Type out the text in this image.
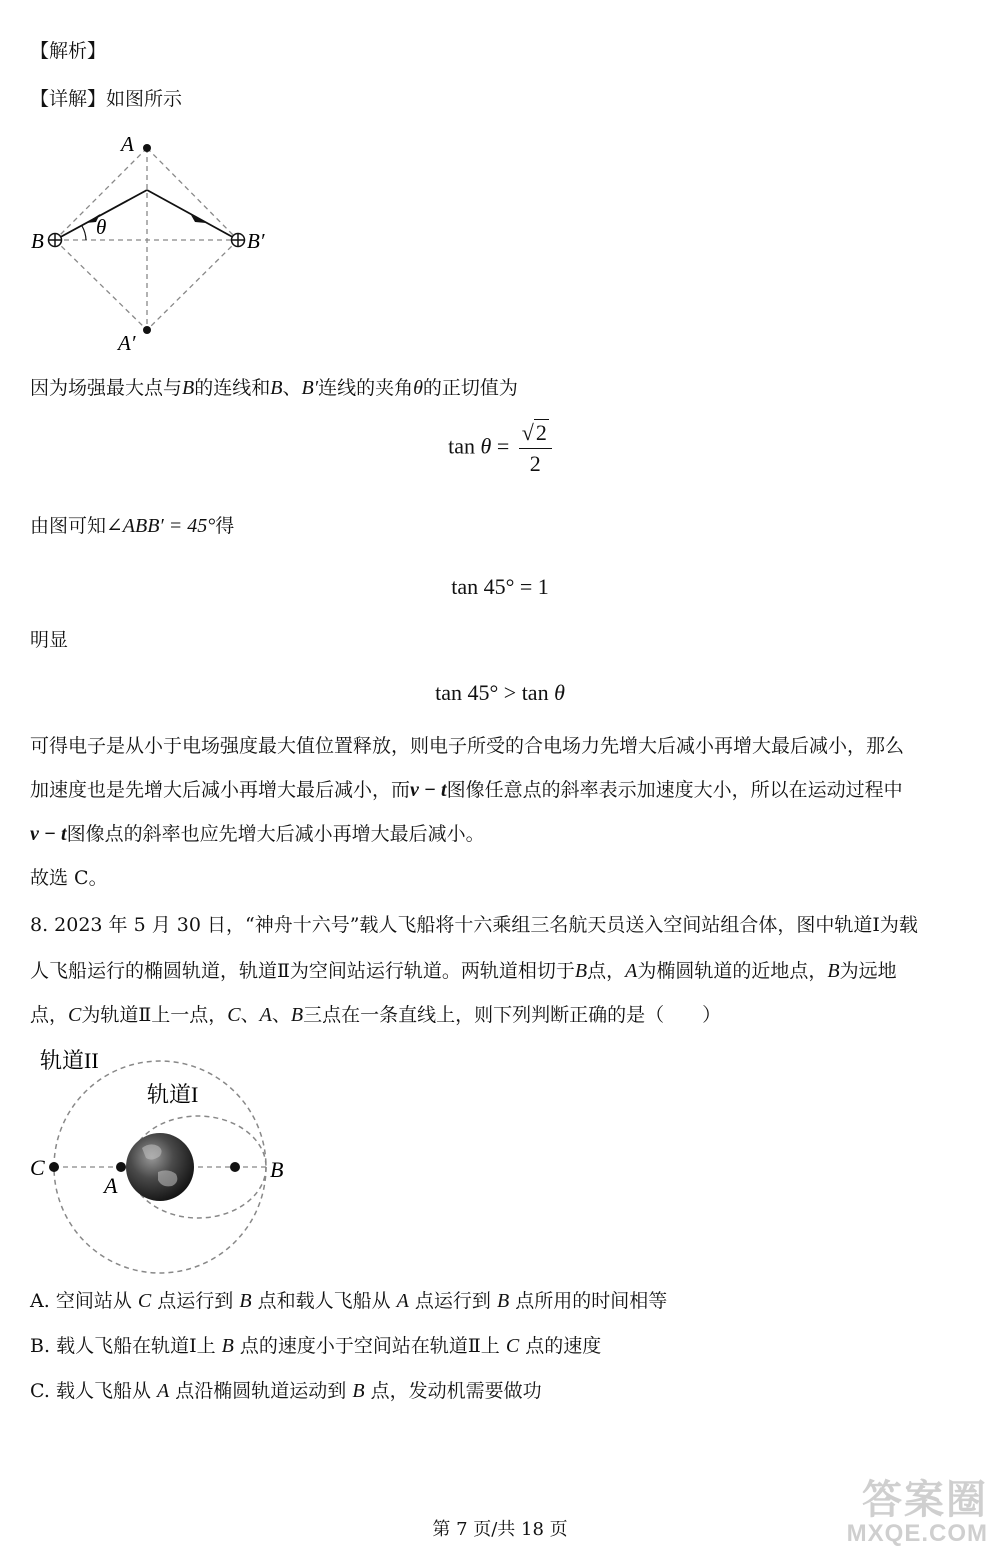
【解析】
【详解】如图所示
A
B	B′
A′
θ
因为场强最大点与B的连线和B、B′连线的夹角θ的正切值为
$\tan \theta = \frac{√2}{2}$
由图可知∠ABB′ = 45°得
tan 45° = 1
明显
tan 45° > tan θ
可得电子是从小于电场强度最大值位置释放，则电子所受的合电场力先增大后减小再增大最后减小，那么
加速度也是先增大后减小再增大最后减小，而v − t图像任意点的斜率表示加速度大小，所以在运动过程中
v − t图像点的斜率也应先增大后减小再增大最后减小。
故选 C。
8. 2023 年 5 月 30 日，“神舟十六号”载人飞船将十六乘组三名航天员送入空间站组合体，图中轨道Ⅰ为载
人飞船运行的椭圆轨道，轨道Ⅱ为空间站运行轨道。两轨道相切于B点，A为椭圆轨道的近地点，B为远地
点，C为轨道Ⅱ上一点，C、A、B三点在一条直线上，则下列判断正确的是（　　）
轨道II
轨道I
C
A
B
A. 空间站从 C 点运行到 B 点和载人飞船从 A 点运行到 B 点所用的时间相等
B. 载人飞船在轨道Ⅰ上 B 点的速度小于空间站在轨道Ⅱ上 C 点的速度
C. 载人飞船从 A 点沿椭圆轨道运动到 B 点，发动机需要做功
第 7 页/共 18 页
答案圈
MXQE.COM
